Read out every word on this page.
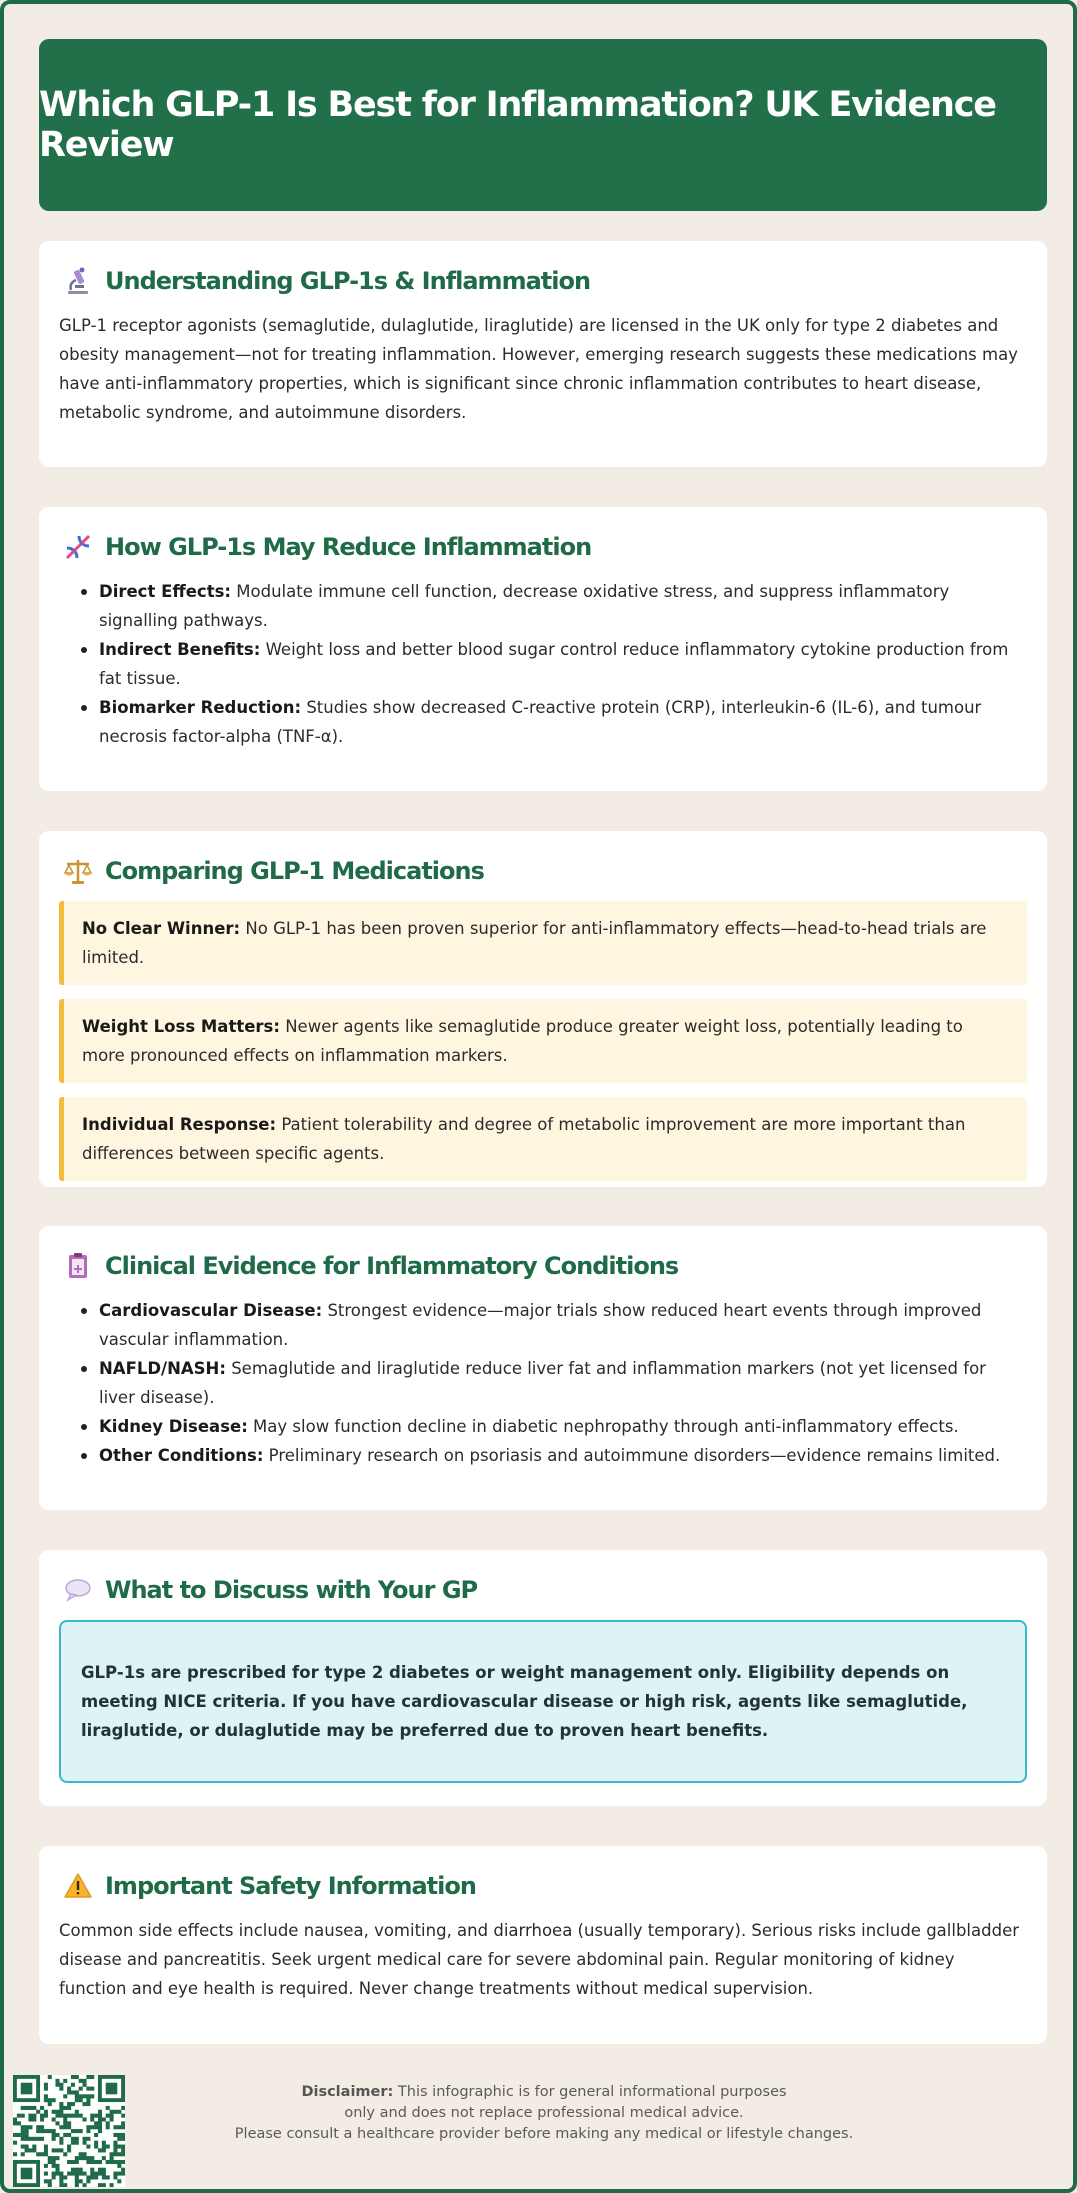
Which GLP-1 Is Best for Inflammation? UK Evidence Review
Understanding GLP-1s & Inflammation

GLP-1 receptor agonists (semaglutide, dulaglutide, liraglutide) are licensed in the UK only for type 2 diabetes and obesity management—not for treating inflammation. However, emerging research suggests these medications may have anti-inflammatory properties, which is significant since chronic inflammation contributes to heart disease, metabolic syndrome, and autoimmune disorders.

How GLP-1s May Reduce Inflammation
Direct Effects: Modulate immune cell function, decrease oxidative stress, and suppress inflammatory signalling pathways.
Indirect Benefits: Weight loss and better blood sugar control reduce inflammatory cytokine production from fat tissue.
Biomarker Reduction: Studies show decreased C-reactive protein (CRP), interleukin-6 (IL-6), and tumour necrosis factor-alpha (TNF-α).
Comparing GLP-1 Medications
No Clear Winner: No GLP-1 has been proven superior for anti-inflammatory effects—head-to-head trials are limited.
Weight Loss Matters: Newer agents like semaglutide produce greater weight loss, potentially leading to more pronounced effects on inflammation markers.
Individual Response: Patient tolerability and degree of metabolic improvement are more important than differences between specific agents.
Clinical Evidence for Inflammatory Conditions
Cardiovascular Disease: Strongest evidence—major trials show reduced heart events through improved vascular inflammation.
NAFLD/NASH: Semaglutide and liraglutide reduce liver fat and inflammation markers (not yet licensed for liver disease).
Kidney Disease: May slow function decline in diabetic nephropathy through anti-inflammatory effects.
Other Conditions: Preliminary research on psoriasis and autoimmune disorders—evidence remains limited.
What to Discuss with Your GP
GLP-1s are prescribed for type 2 diabetes or weight management only. Eligibility depends on meeting NICE criteria. If you have cardiovascular disease or high risk, agents like semaglutide, liraglutide, or dulaglutide may be preferred due to proven heart benefits.
Important Safety Information

Common side effects include nausea, vomiting, and diarrhoea (usually temporary). Serious risks include gallbladder disease and pancreatitis. Seek urgent medical care for severe abdominal pain. Regular monitoring of kidney function and eye health is required. Never change treatments without medical supervision.

Disclaimer: This infographic is for general informational purposes
only and does not replace professional medical advice.
Please consult a healthcare provider before making any medical or lifestyle changes.
